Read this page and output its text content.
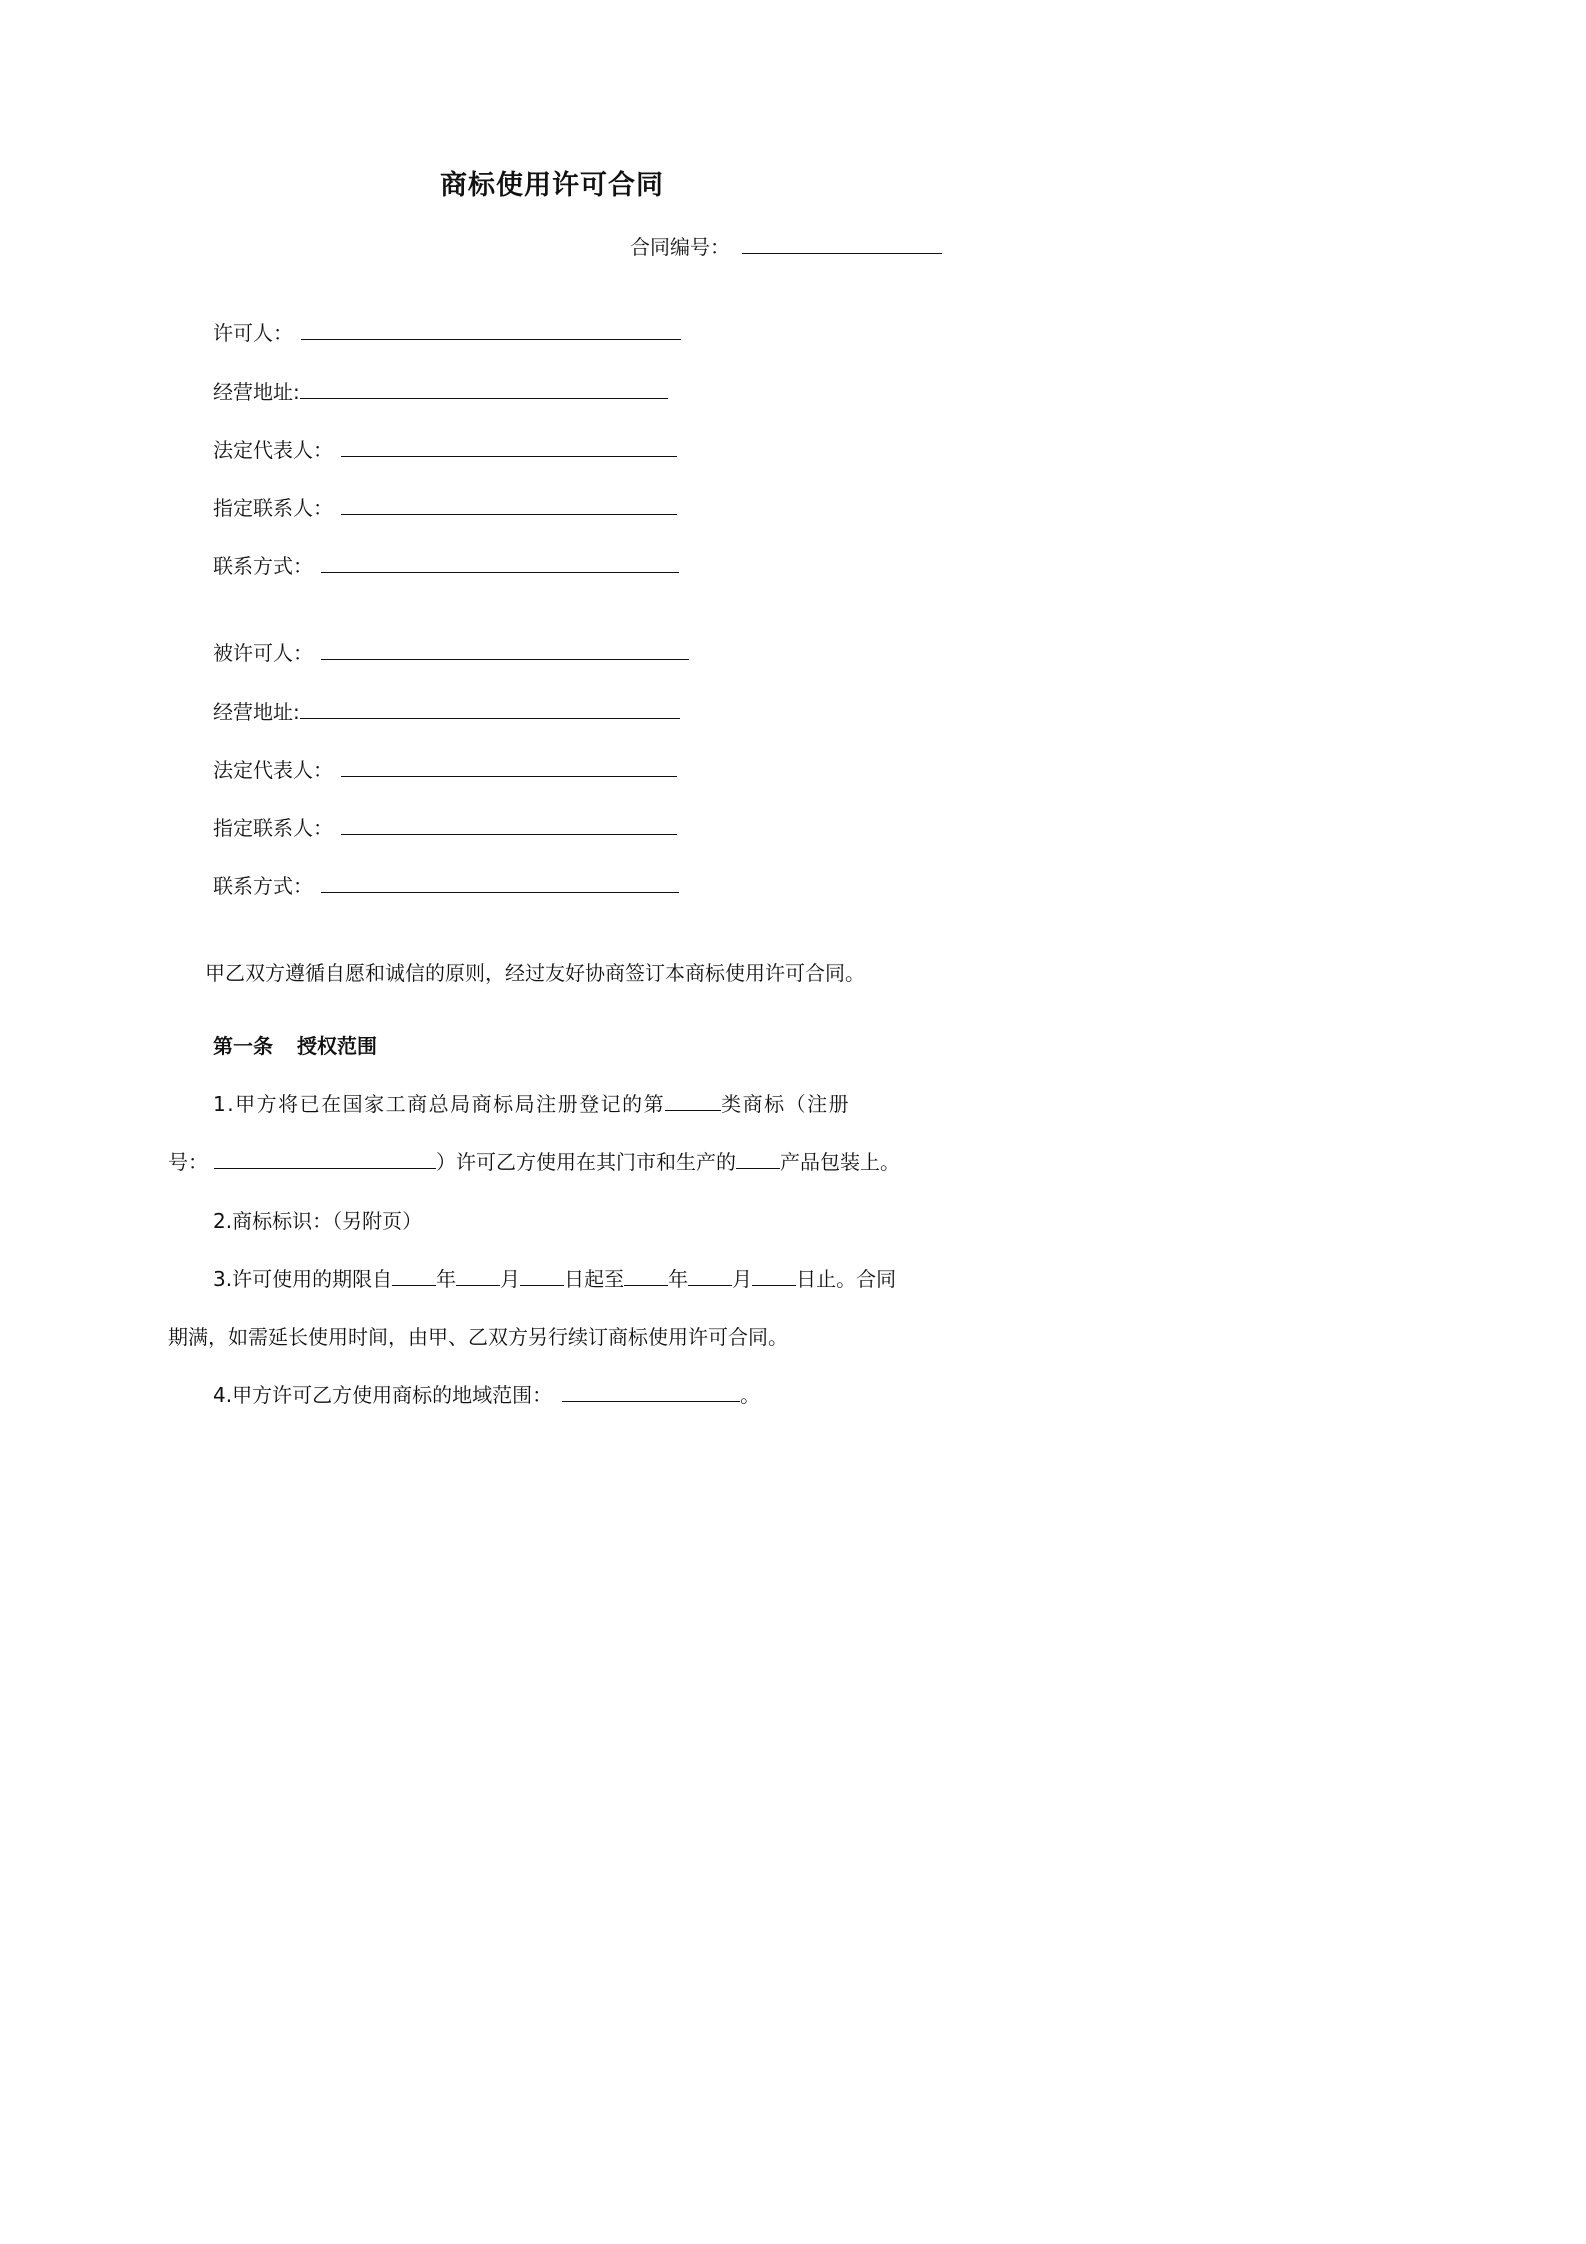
商标使用许可合同
合同编号：
许可人：
经营地址:
法定代表人：
指定联系人：
联系方式：
被许可人：
经营地址:
法定代表人：
指定联系人：
联系方式：
甲乙双方遵循自愿和诚信的原则，经过友好协商签订本商标使用许可合同。
第一条 授权范围
1.甲方将已在国家工商总局商标局注册登记的第	类商标（注册
号：	）许可乙方使用在其门市和生产的 产品包装上。
2.商标标识：（另附页）
3.许可使用的期限自 年 月 日起至 年 月 日止。合同
期满，如需延长使用时间，由甲、乙双方另行续订商标使用许可合同。
4.甲方许可乙方使用商标的地域范围：	。
